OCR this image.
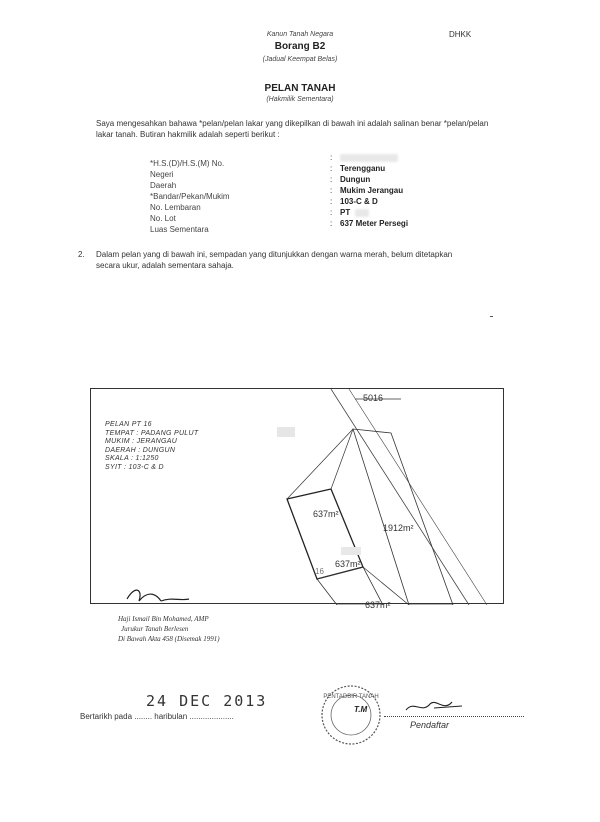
Kanun Tanah Negara	DHKK
Borang B2
(Jadual Keempat Belas)
PELAN TANAH
(Hakmilik Sementara)
Saya mengesahkan bahawa *pelan/pelan lakar yang dikepilkan di bawah ini adalah salinan benar *pelan/pelan
lakar tanah. Butiran hakmilik adalah seperti berikut :
*H.S.(D)/H.S.(M) No.
:
Negeri
: Terengganu
Daerah
: Dungun
*Bandar/Pekan/Mukim
: Mukim Jerangau
No. Lembaran
: 103-C & D
No. Lot
: PT
Luas Sementara
: 637 Meter Persegi
2. Dalam pelan yang di bawah ini, sempadan yang ditunjukkan dengan warna merah, belum ditetapkan
secara ukur, adalah sementara sahaja.
PELAN PT 16
TEMPAT : PADANG PULUT
MUKIM : JERANGAU
DAERAH : DUNGUN
SKALA : 1:1250
SYIT : 103-C & D
5016
637m²
1912m²
637m²
637m²
16
Haji Ismail Bin Mohamed, AMP
Jurukur Tanah Berlesen
Di Bawah Akta 458 (Disemak 1991)
24 DEC 2013
Bertarikh pada ........ haribulan ....................
PENTADBIR TANAH
T.M
Pendaftar
